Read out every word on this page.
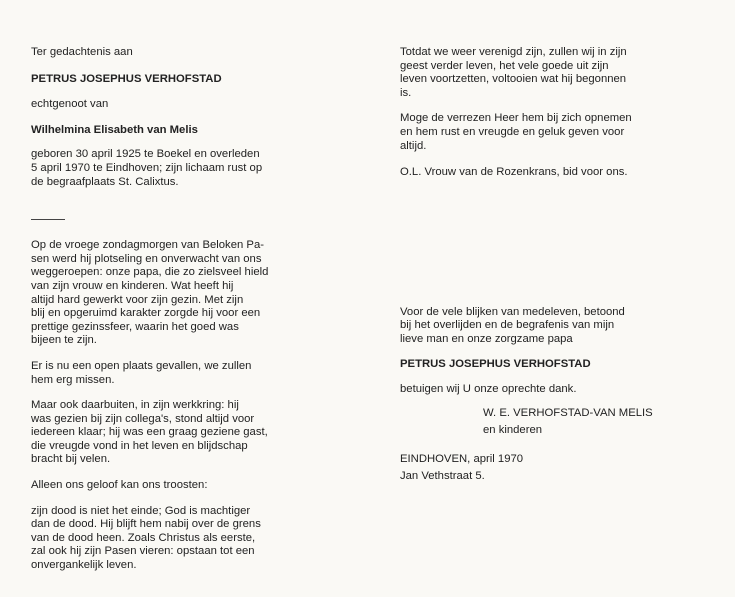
Ter gedachtenis aan

PETRUS JOSEPHUS VERHOFSTAD

echtgenoot van

Wilhelmina Elisabeth van Melis

geboren 30 april 1925 te Boekel en overleden
5 april 1970 te Eindhoven; zijn lichaam rust op
de begraafplaats St. Calixtus.
Op de vroege zondagmorgen van Beloken Pa-
sen werd hij plotseling en onverwacht van ons
weggeroepen: onze papa, die zo zielsveel hield
van zijn vrouw en kinderen. Wat heeft hij
altijd hard gewerkt voor zijn gezin. Met zijn
blij en opgeruimd karakter zorgde hij voor een
prettige gezinssfeer, waarin het goed was
bijeen te zijn.
Er is nu een open plaats gevallen, we zullen
hem erg missen.
Maar ook daarbuiten, in zijn werkkring: hij
was gezien bij zijn collega's, stond altijd voor
iedereen klaar; hij was een graag geziene gast,
die vreugde vond in het leven en blijdschap
bracht bij velen.

Alleen ons geloof kan ons troosten:

zijn dood is niet het einde; God is machtiger
dan de dood. Hij blijft hem nabij over de grens
van de dood heen. Zoals Christus als eerste,
zal ook hij zijn Pasen vieren: opstaan tot een
onvergankelijk leven.
Totdat we weer verenigd zijn, zullen wij in zijn
geest verder leven, het vele goede uit zijn
leven voortzetten, voltooien wat hij begonnen
is.
Moge de verrezen Heer hem bij zich opnemen
en hem rust en vreugde en geluk geven voor
altijd.

O.L. Vrouw van de Rozenkrans, bid voor ons.

Voor de vele blijken van medeleven, betoond
bij het overlijden en de begrafenis van mijn
lieve man en onze zorgzame papa

PETRUS JOSEPHUS VERHOFSTAD

betuigen wij U onze oprechte dank.

W. E. VERHOFSTAD-VAN MELIS

en kinderen

EINDHOVEN, april 1970

Jan Vethstraat 5.
